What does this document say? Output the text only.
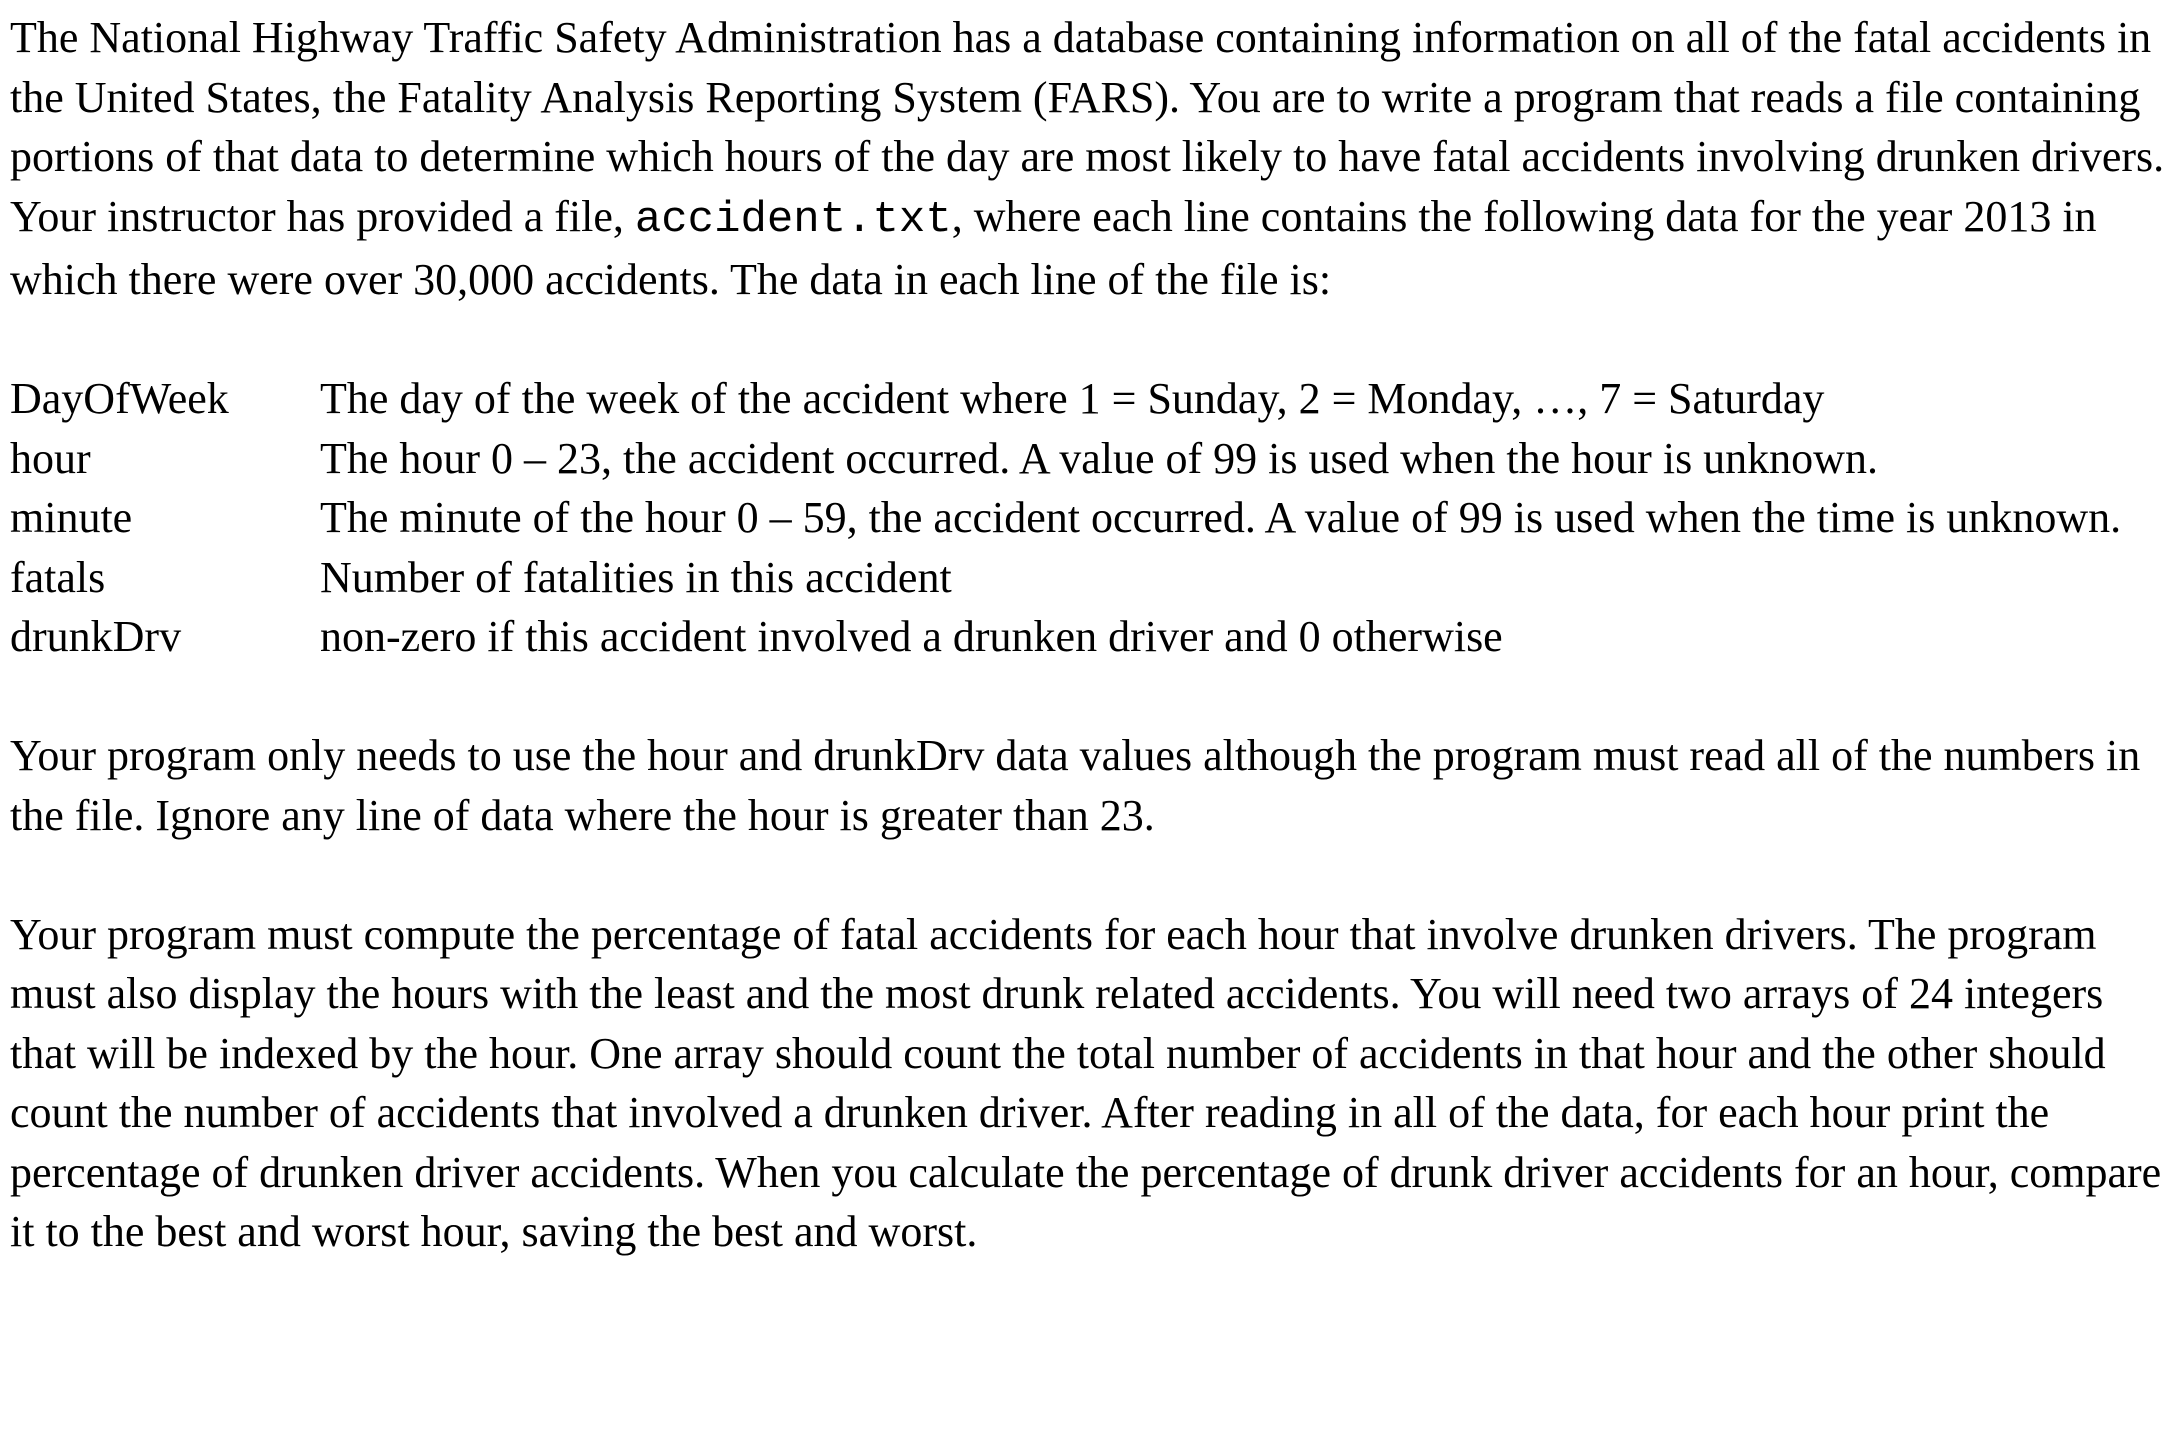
The National Highway Traffic Safety Administration has a database containing information on all of the fatal accidents in the United States, the Fatality Analysis Reporting System (FARS). You are to write a program that reads a file containing portions of that data to determine which hours of the day are most likely to have fatal accidents involving drunken drivers. Your instructor has provided a file, accident.txt, where each line contains the following data for the year 2013 in which there were over 30,000 accidents. The data in each line of the file is:

DayOfWeek	The day of the week of the accident where 1 = Sunday, 2 = Monday, …, 7 = Saturday
hour	The hour 0 – 23, the accident occurred. A value of 99 is used when the hour is unknown.
minute	The minute of the hour 0 – 59, the accident occurred. A value of 99 is used when the time is unknown.
fatals	Number of fatalities in this accident
drunkDrv	non-zero if this accident involved a drunken driver and 0 otherwise

Your program only needs to use the hour and drunkDrv data values although the program must read all of the numbers in the file. Ignore any line of data where the hour is greater than 23.

Your program must compute the percentage of fatal accidents for each hour that involve drunken drivers. The program must also display the hours with the least and the most drunk related accidents. You will need two arrays of 24 integers that will be indexed by the hour. One array should count the total number of accidents in that hour and the other should count the number of accidents that involved a drunken driver. After reading in all of the data, for each hour print the percentage of drunken driver accidents. When you calculate the percentage of drunk driver accidents for an hour, compare it to the best and worst hour, saving the best and worst.
